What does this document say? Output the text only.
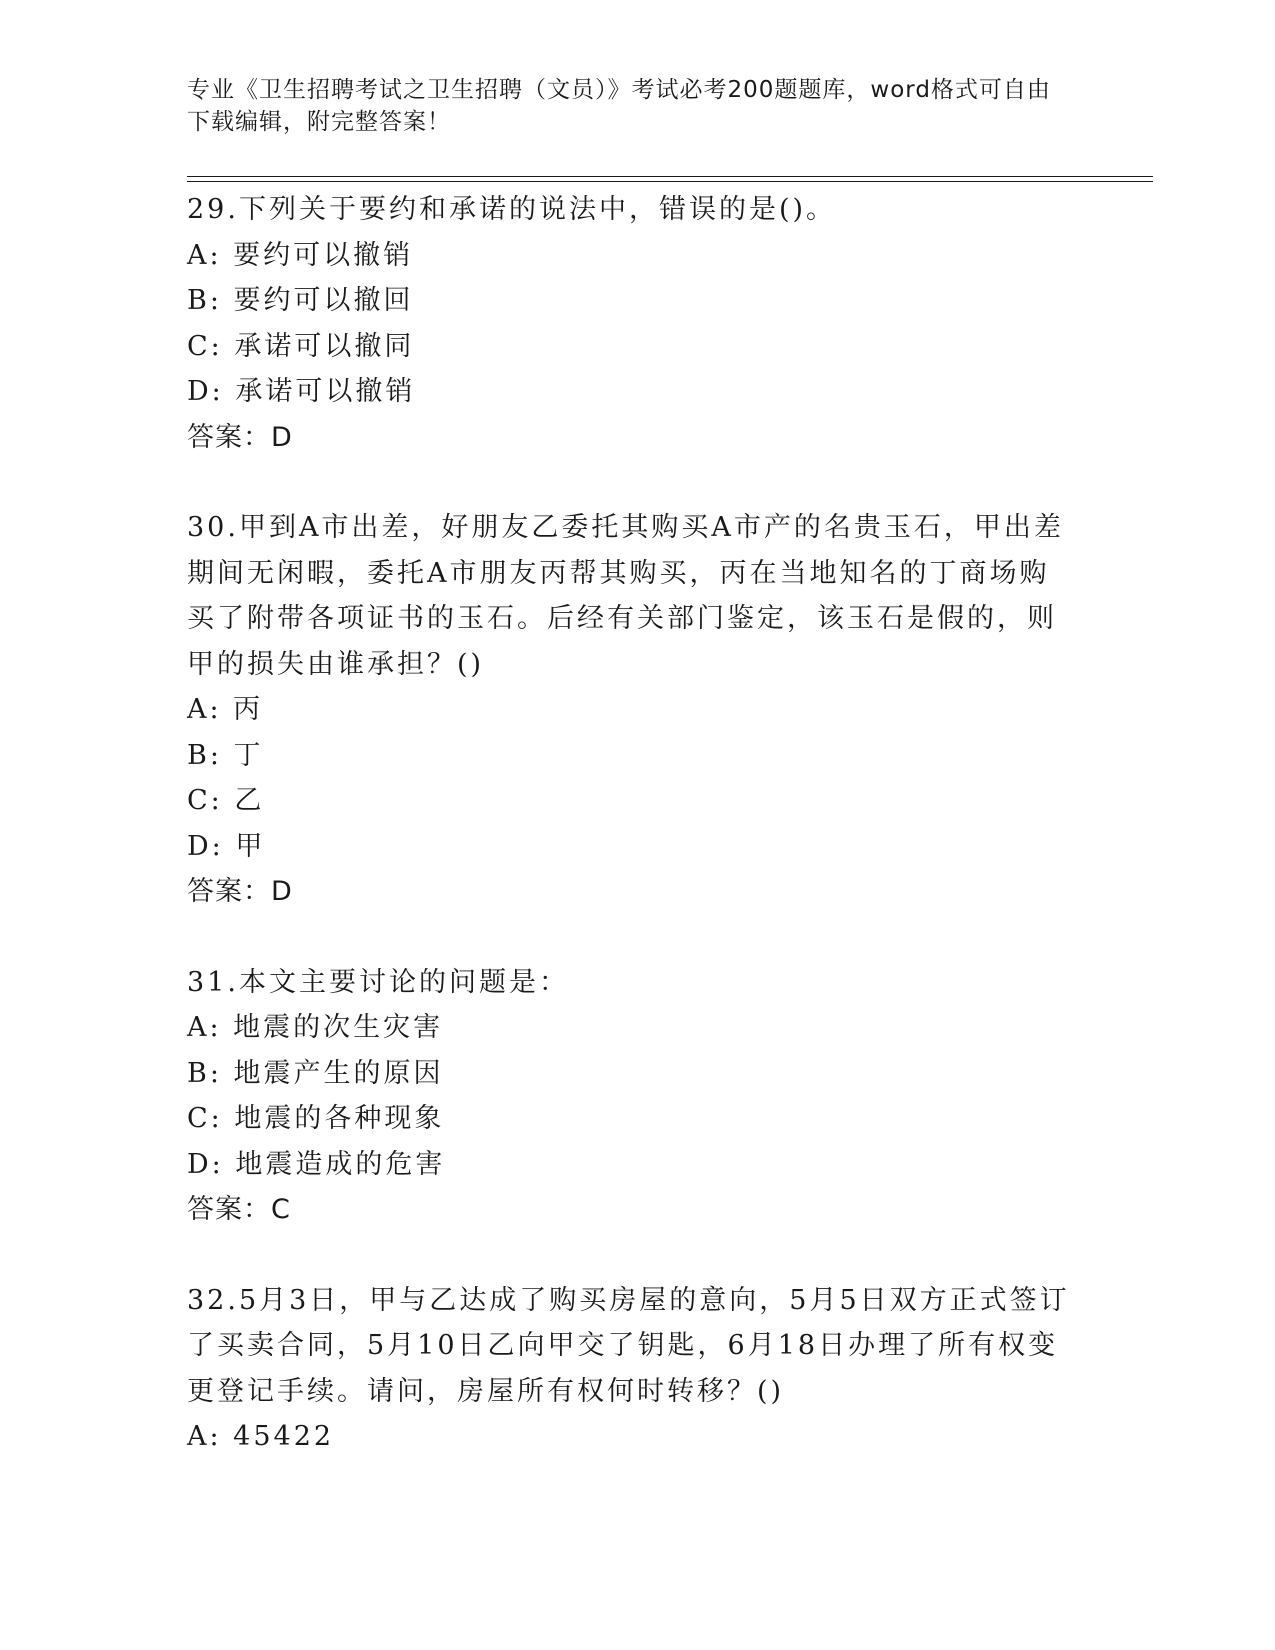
专业《卫生招聘考试之卫生招聘（文员）》考试必考200题题库，word格式可自由下载编辑，附完整答案！
29.下列关于要约和承诺的说法中，错误的是()。
A: 要约可以撤销
B: 要约可以撤回
C: 承诺可以撤同
D: 承诺可以撤销
答案：D
30.甲到A市出差，好朋友乙委托其购买A市产的名贵玉石，甲出差期间无闲暇，委托A市朋友丙帮其购买，丙在当地知名的丁商场购买了附带各项证书的玉石。后经有关部门鉴定，该玉石是假的，则甲的损失由谁承担？()
A: 丙
B: 丁
C: 乙
D: 甲
答案：D
31.本文主要讨论的问题是：
A: 地震的次生灾害
B: 地震产生的原因
C: 地震的各种现象
D: 地震造成的危害
答案：C
32.5月3日，甲与乙达成了购买房屋的意向，5月5日双方正式签订了买卖合同，5月10日乙向甲交了钥匙，6月18日办理了所有权变更登记手续。请问，房屋所有权何时转移？()
A: 45422
